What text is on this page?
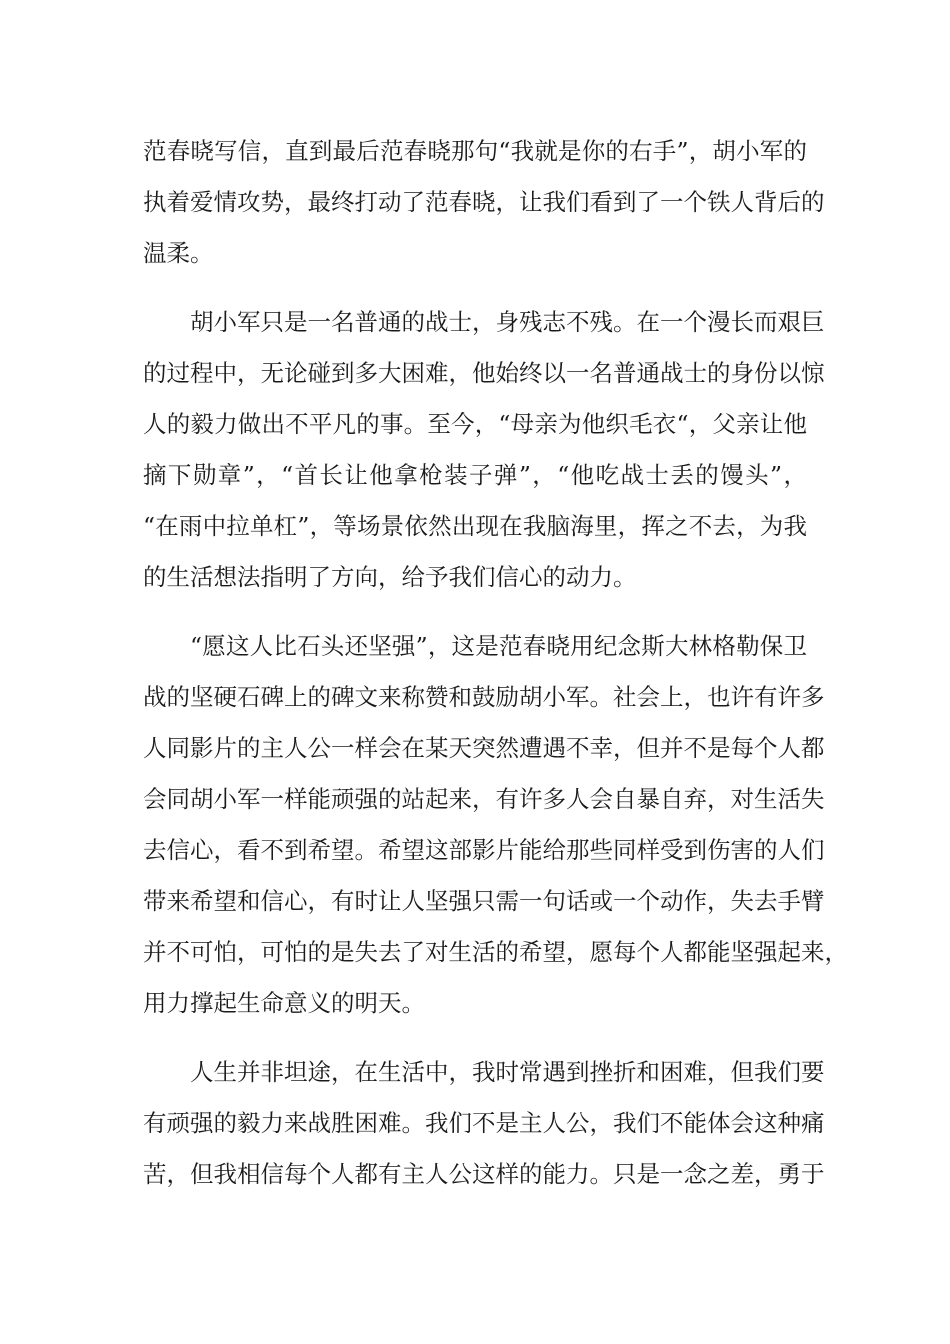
范春晓写信，直到最后范春晓那句“我就是你的右手”，胡小军的
执着爱情攻势，最终打动了范春晓，让我们看到了一个铁人背后的
温柔。
胡小军只是一名普通的战士，身残志不残。在一个漫长而艰巨
的过程中，无论碰到多大困难，他始终以一名普通战士的身份以惊
人的毅力做出不平凡的事。至今，“母亲为他织毛衣“，父亲让他
摘下勋章”，“首长让他拿枪装子弹”，“他吃战士丢的馒头”，
“在雨中拉单杠”，等场景依然出现在我脑海里，挥之不去，为我
的生活想法指明了方向，给予我们信心的动力。
“愿这人比石头还坚强”，这是范春晓用纪念斯大林格勒保卫
战的坚硬石碑上的碑文来称赞和鼓励胡小军。社会上，也许有许多
人同影片的主人公一样会在某天突然遭遇不幸，但并不是每个人都
会同胡小军一样能顽强的站起来，有许多人会自暴自弃，对生活失
去信心，看不到希望。希望这部影片能给那些同样受到伤害的人们
带来希望和信心，有时让人坚强只需一句话或一个动作，失去手臂
并不可怕，可怕的是失去了对生活的希望，愿每个人都能坚强起来，
用力撑起生命意义的明天。
人生并非坦途，在生活中，我时常遇到挫折和困难，但我们要
有顽强的毅力来战胜困难。我们不是主人公，我们不能体会这种痛
苦，但我相信每个人都有主人公这样的能力。只是一念之差，勇于
